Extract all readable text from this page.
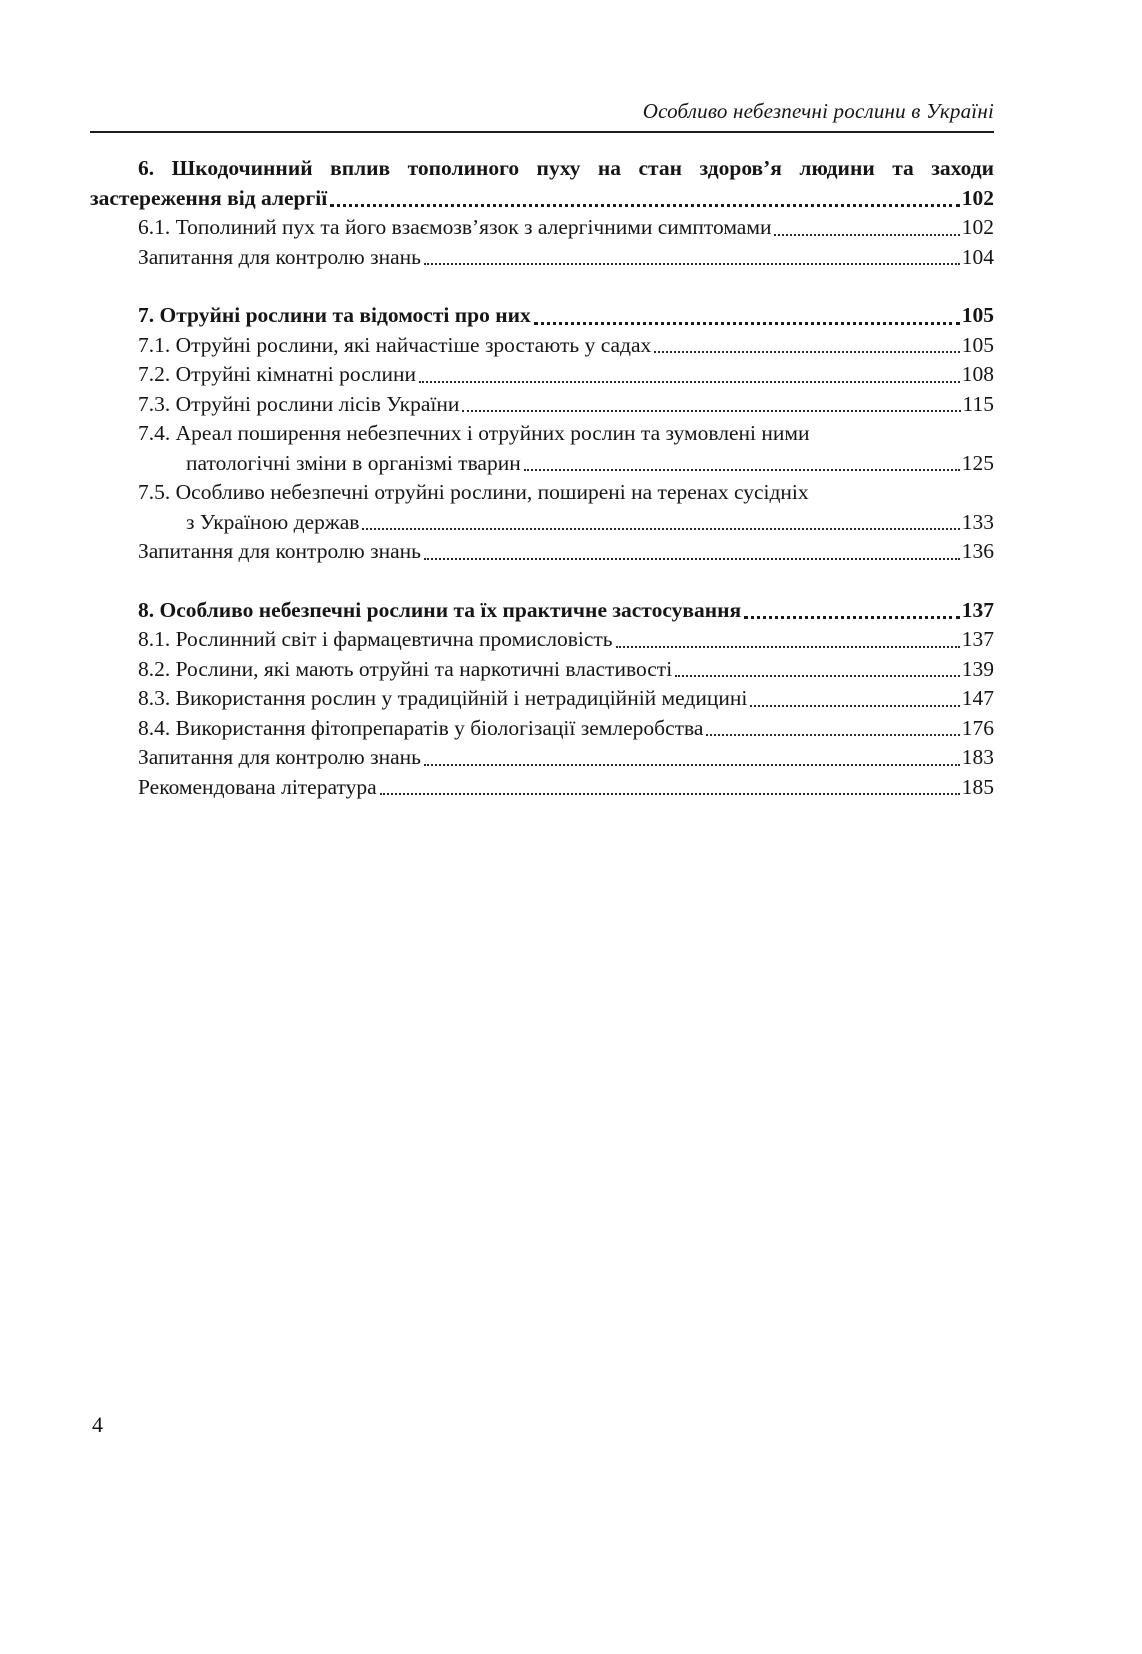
Особливо небезпечні рослини в Україні
6. Шкодочинний вплив тополиного пуху на стан здоров’я людини та заходи
застереження від алергії	102
6.1. Тополиний пух та його взаємозв’язок з алергічними симптомами	102
Запитання для контролю знань	104
7. Отруйні рослини та відомості про них	105
7.1. Отруйні рослини, які найчастіше зростають у садах	105
7.2. Отруйні кімнатні рослини	108
7.3. Отруйні рослини лісів України	115
7.4. Ареал поширення небезпечних і отруйних рослин та зумовлені ними
патологічні зміни в організмі тварин	125
7.5. Особливо небезпечні отруйні рослини, поширені на теренах сусідніх
з Україною держав	133
Запитання для контролю знань	136
8. Особливо небезпечні рослини та їх практичне застосування	137
8.1. Рослинний світ і фармацевтична промисловість	137
8.2. Рослини, які мають отруйні та наркотичні властивості	139
8.3. Використання рослин у традиційній і нетрадиційній медицині	147
8.4. Використання фітопрепаратів у біологізації землеробства	176
Запитання для контролю знань	183
Рекомендована література	185
4
